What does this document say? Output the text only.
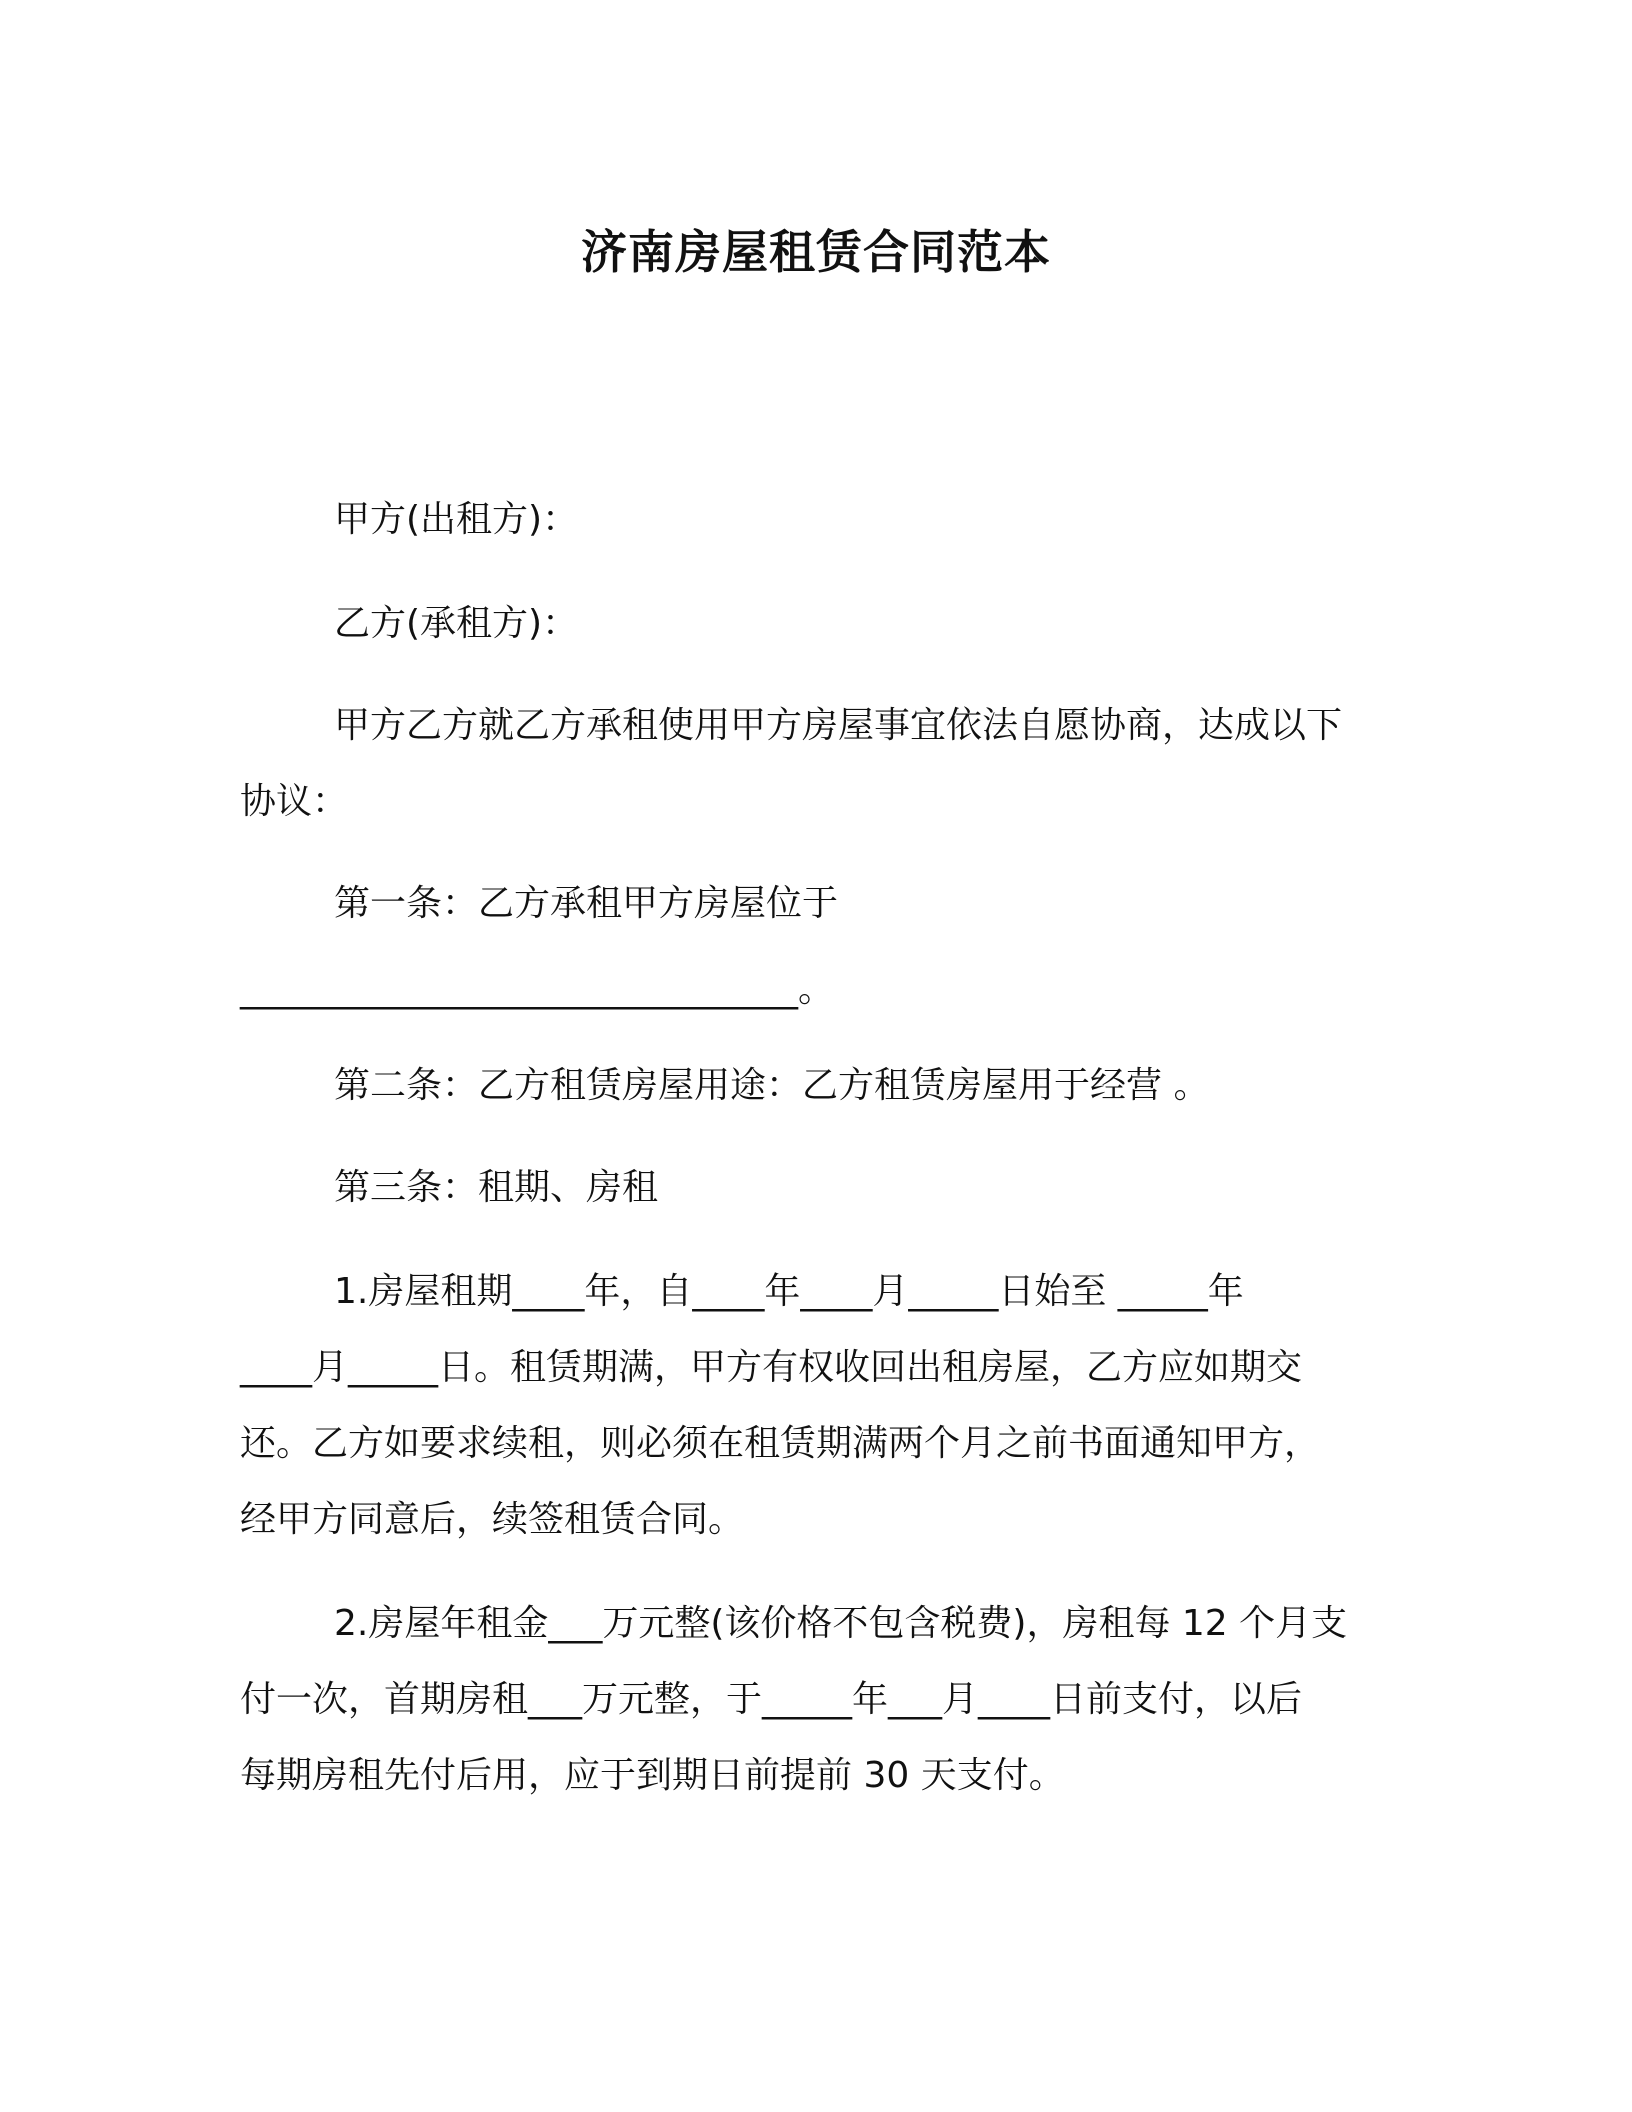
济南房屋租赁合同范本
甲方(出租方)：
乙方(承租方)：
甲方乙方就乙方承租使用甲方房屋事宜依法自愿协商，达成以下
协议：
第一条：乙方承租甲方房屋位于
_______________________________。
第二条：乙方租赁房屋用途：乙方租赁房屋用于经营 。
第三条：租期、房租
1.房屋租期____年，自____年____月_____日始至 _____年
____月_____日。租赁期满，甲方有权收回出租房屋，乙方应如期交
还。乙方如要求续租，则必须在租赁期满两个月之前书面通知甲方，
经甲方同意后，续签租赁合同。
2.房屋年租金___万元整(该价格不包含税费)，房租每 12 个月支
付一次，首期房租___万元整，于_____年___月____日前支付，以后
每期房租先付后用，应于到期日前提前 30 天支付。
